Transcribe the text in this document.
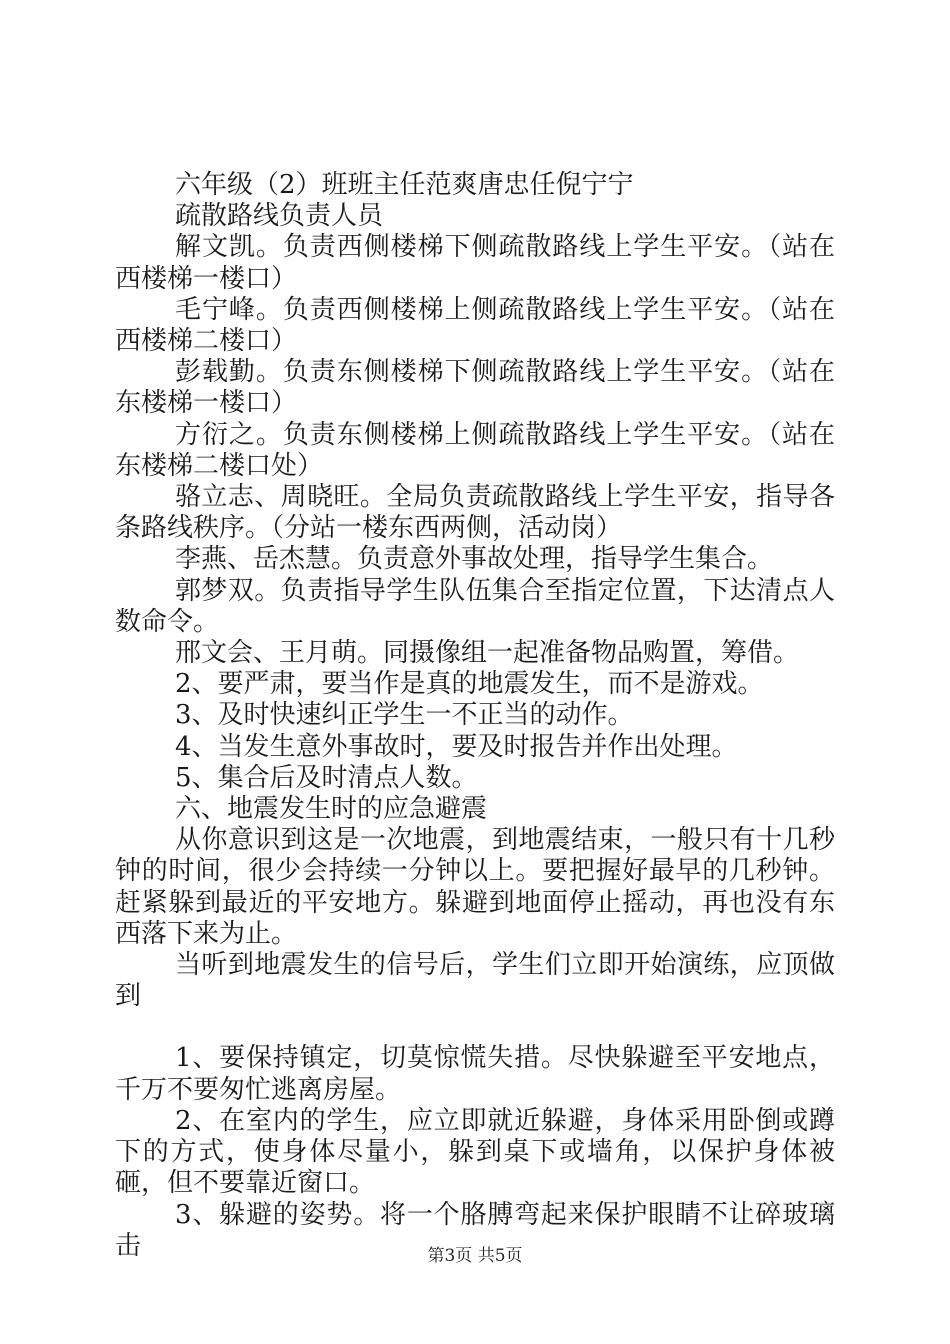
六年级（2）班班主任范爽唐忠任倪宁宁

疏散路线负责人员

解文凯。负责西侧楼梯下侧疏散路线上学生平安。（站在西楼梯一楼口）

毛宁峰。负责西侧楼梯上侧疏散路线上学生平安。（站在西楼梯二楼口）

彭载勤。负责东侧楼梯下侧疏散路线上学生平安。（站在东楼梯一楼口）

方衍之。负责东侧楼梯上侧疏散路线上学生平安。（站在东楼梯二楼口处）

骆立志、周晓旺。全局负责疏散路线上学生平安，指导各条路线秩序。（分站一楼东西两侧，活动岗）

李燕、岳杰慧。负责意外事故处理，指导学生集合。

郭梦双。负责指导学生队伍集合至指定位置，下达清点人数命令。

邢文会、王月萌。同摄像组一起准备物品购置，筹借。

2、要严肃，要当作是真的地震发生，而不是游戏。

3、及时快速纠正学生一不正当的动作。

4、当发生意外事故时，要及时报告并作出处理。

5、集合后及时清点人数。

六、地震发生时的应急避震

从你意识到这是一次地震，到地震结束，一般只有十几秒钟的时间，很少会持续一分钟以上。要把握好最早的几秒钟。赶紧躲到最近的平安地方。躲避到地面停止摇动，再也没有东西落下来为止。

当听到地震发生的信号后，学生们立即开始演练，应顶做到

1、要保持镇定，切莫惊慌失措。尽快躲避至平安地点，千万不要匆忙逃离房屋。

2、在室内的学生，应立即就近躲避，身体采用卧倒或蹲下的方式，使身体尽量小，躲到桌下或墙角，以保护身体被砸，但不要靠近窗口。

3、躲避的姿势。将一个胳膊弯起来保护眼睛不让碎玻璃击	第3页 共5页
